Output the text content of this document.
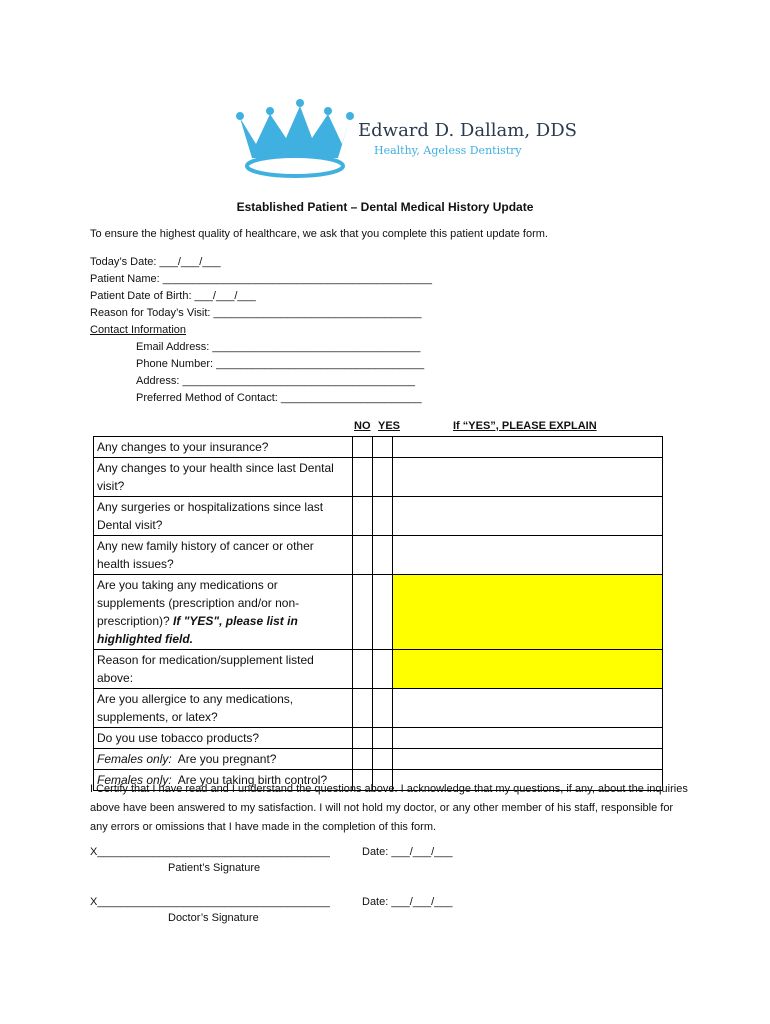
Edward D. Dallam, DDS
Healthy, Ageless Dentistry
Established Patient – Dental Medical History Update
To ensure the highest quality of healthcare, we ask that you complete this patient update form.
Today’s Date: ___/___/___
Patient Name: ____________________________________________
Patient Date of Birth: ___/___/___
Reason for Today’s Visit: __________________________________
Contact Information
Email Address: __________________________________
Phone Number: __________________________________
Address: ______________________________________
Preferred Method of Contact: _______________________
NO YES	If “YES”, PLEASE EXPLAIN
Any changes to your insurance?			
Any changes to your health since last Dental visit?			
Any surgeries or hospitalizations since last Dental visit?			
Any new family history of cancer or other health issues?			
Are you taking any medications or supplements (prescription and/or non-prescription)? If "YES", please list in highlighted field.			
Reason for medication/supplement listed above:			
Are you allergice to any medications, supplements, or latex?			
Do you use tobacco products?			
Females only: Are you pregnant?			
Females only: Are you taking birth control?			
I Certify that I have read and I understand the questions above. I acknowledge that my questions, if any, about the inquiries above have been answered to my satisfaction. I will not hold my doctor, or any other member of his staff, responsible for any errors or omissions that I have made in the completion of this form.
X______________________________________	Date: ___/___/___
Patient’s Signature
X______________________________________	Date: ___/___/___
Doctor’s Signature
